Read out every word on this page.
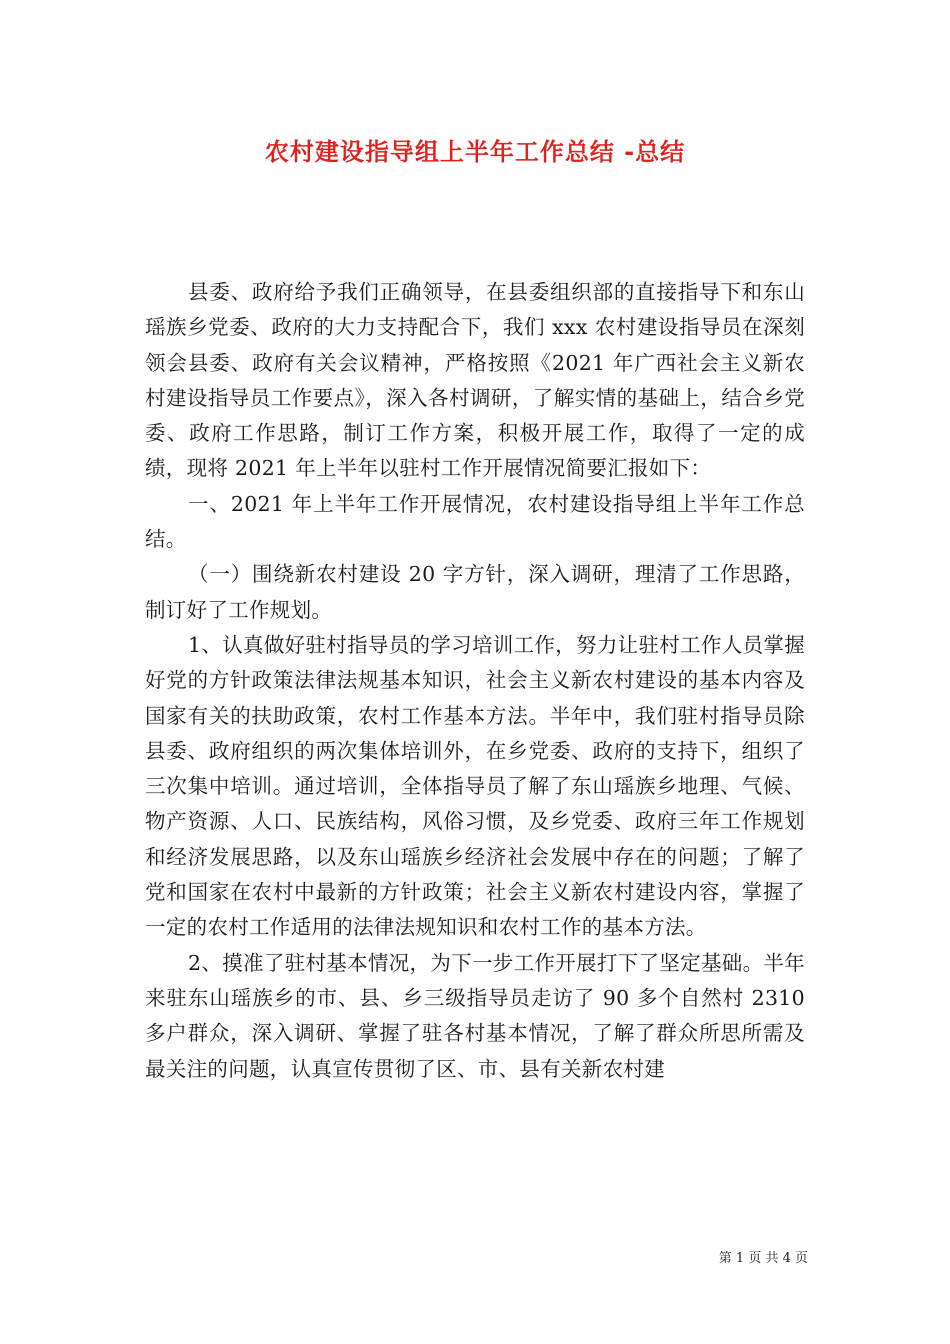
农村建设指导组上半年工作总结 -总结

县委、政府给予我们正确领导，在县委组织部的直接指导下和东山瑶族乡党委、政府的大力支持配合下，我们 xxx 农村建设指导员在深刻领会县委、政府有关会议精神，严格按照《2021 年广西社会主义新农村建设指导员工作要点》，深入各村调研，了解实情的基础上，结合乡党委、政府工作思路，制订工作方案，积极开展工作，取得了一定的成绩，现将 2021 年上半年以驻村工作开展情况简要汇报如下：

一、2021 年上半年工作开展情况，农村建设指导组上半年工作总结。

（一）围绕新农村建设 20 字方针，深入调研，理清了工作思路，制订好了工作规划。

1、认真做好驻村指导员的学习培训工作，努力让驻村工作人员掌握好党的方针政策法律法规基本知识，社会主义新农村建设的基本内容及国家有关的扶助政策，农村工作基本方法。半年中，我们驻村指导员除县委、政府组织的两次集体培训外，在乡党委、政府的支持下，组织了三次集中培训。通过培训，全体指导员了解了东山瑶族乡地理、气候、物产资源、人口、民族结构，风俗习惯，及乡党委、政府三年工作规划和经济发展思路，以及东山瑶族乡经济社会发展中存在的问题；了解了党和国家在农村中最新的方针政策；社会主义新农村建设内容，掌握了一定的农村工作适用的法律法规知识和农村工作的基本方法。

2、摸准了驻村基本情况，为下一步工作开展打下了坚定基础。半年来驻东山瑶族乡的市、县、乡三级指导员走访了 90 多个自然村 2310 多户群众，深入调研、掌握了驻各村基本情况，了解了群众所思所需及最关注的问题，认真宣传贯彻了区、市、县有关新农村建

第 1 页 共 4 页
